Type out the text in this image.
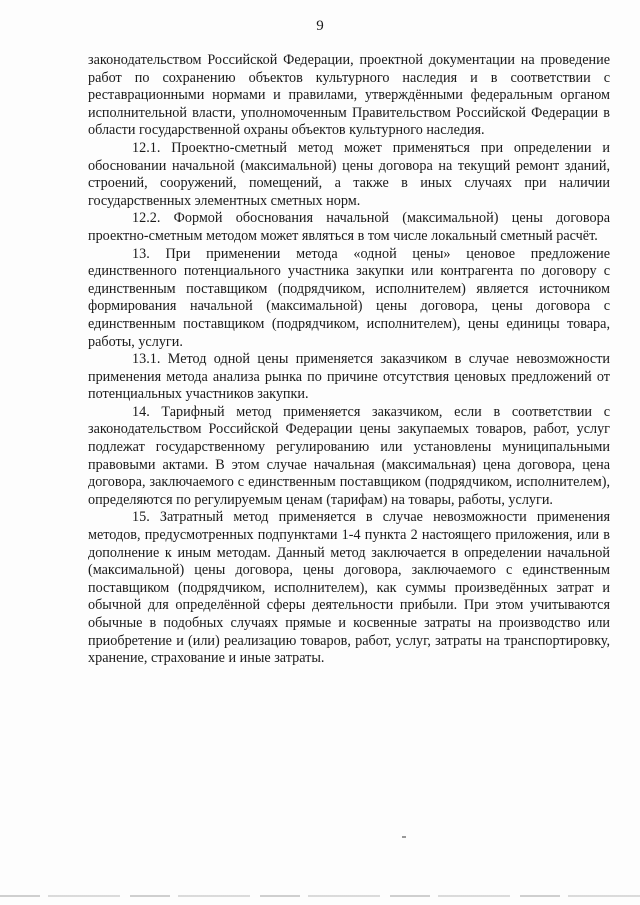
9

законодательством Российской Федерации, проектной документации на проведение работ по сохранению объектов культурного наследия и в соответствии с реставрационными нормами и правилами, утверждёнными федеральным органом исполнительной власти, уполномоченным Правительством Российской Федерации в области государственной охраны объектов культурного наследия.

12.1. Проектно-сметный метод может применяться при определении и обосновании начальной (максимальной) цены договора на текущий ремонт зданий, строений, сооружений, помещений, а также в иных случаях при наличии государственных элементных сметных норм.

12.2. Формой обоснования начальной (максимальной) цены договора проектно-сметным методом может являться в том числе локальный сметный расчёт.

13. При применении метода «одной цены» ценовое предложение единственного потенциального участника закупки или контрагента по договору с единственным поставщиком (подрядчиком, исполнителем) является источником формирования начальной (максимальной) цены договора, цены договора с единственным поставщиком (подрядчиком, исполнителем), цены единицы товара, работы, услуги.

13.1. Метод одной цены применяется заказчиком в случае невозможности применения метода анализа рынка по причине отсутствия ценовых предложений от потенциальных участников закупки.

14. Тарифный метод применяется заказчиком, если в соответствии с законодательством Российской Федерации цены закупаемых товаров, работ, услуг подлежат государственному регулированию или установлены муниципальными правовыми актами. В этом случае начальная (максимальная) цена договора, цена договора, заключаемого с единственным поставщиком (подрядчиком, исполнителем), определяются по регулируемым ценам (тарифам) на товары, работы, услуги.

15. Затратный метод применяется в случае невозможности применения методов, предусмотренных подпунктами 1-4 пункта 2 настоящего приложения, или в дополнение к иным методам. Данный метод заключается в определении начальной (максимальной) цены договора, цены договора, заключаемого с единственным поставщиком (подрядчиком, исполнителем), как суммы произведённых затрат и обычной для определённой сферы деятельности прибыли. При этом учитываются обычные в подобных случаях прямые и косвенные затраты на производство или приобретение и (или) реализацию товаров, работ, услуг, затраты на транспортировку, хранение, страхование и иные затраты.
